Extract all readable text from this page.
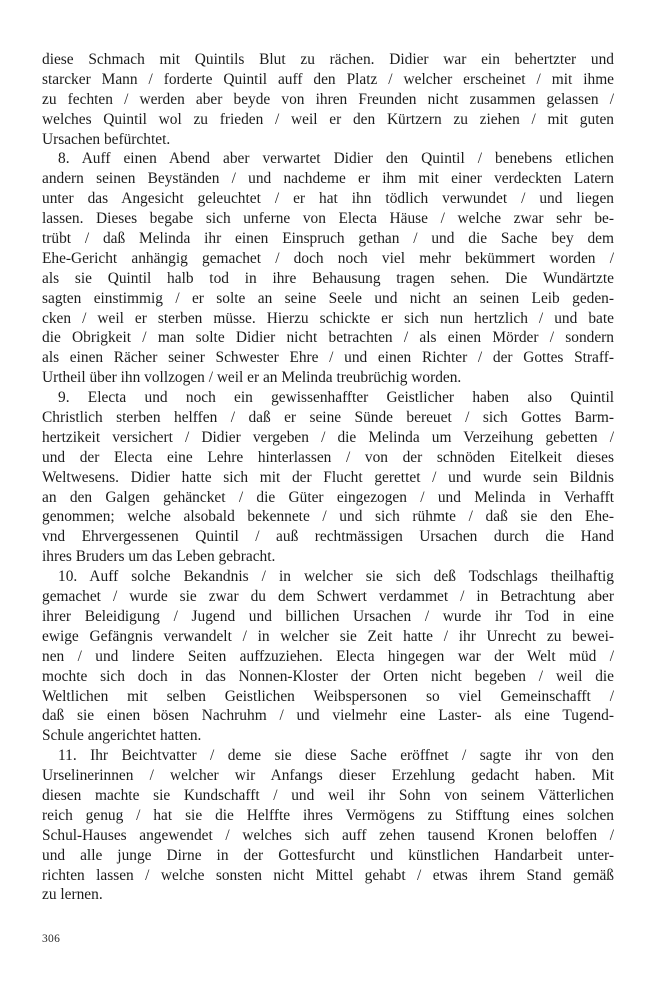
diese Schmach mit Quintils Blut zu rächen. Didier war ein behertzter und
starcker Mann / forderte Quintil auff den Platz / welcher erscheinet / mit ihme
zu fechten / werden aber beyde von ihren Freunden nicht zusammen gelassen /
welches Quintil wol zu frieden / weil er den Kürtzern zu ziehen / mit guten
Ursachen befürchtet.
8. Auff einen Abend aber verwartet Didier den Quintil / benebens etlichen
andern seinen Beyständen / und nachdeme er ihm mit einer verdeckten Latern
unter das Angesicht geleuchtet / er hat ihn tödlich verwundet / und liegen
lassen. Dieses begabe sich unferne von Electa Häuse / welche zwar sehr be-
trübt / daß Melinda ihr einen Einspruch gethan / und die Sache bey dem
Ehe-Gericht anhängig gemachet / doch noch viel mehr bekümmert worden /
als sie Quintil halb tod in ihre Behausung tragen sehen. Die Wundärtzte
sagten einstimmig / er solte an seine Seele und nicht an seinen Leib geden-
cken / weil er sterben müsse. Hierzu schickte er sich nun hertzlich / und bate
die Obrigkeit / man solte Didier nicht betrachten / als einen Mörder / sondern
als einen Rächer seiner Schwester Ehre / und einen Richter / der Gottes Straff-
Urtheil über ihn vollzogen / weil er an Melinda treubrüchig worden.
9. Electa und noch ein gewissenhaffter Geistlicher haben also Quintil
Christlich sterben helffen / daß er seine Sünde bereuet / sich Gottes Barm-
hertzikeit versichert / Didier vergeben / die Melinda um Verzeihung gebetten /
und der Electa eine Lehre hinterlassen / von der schnöden Eitelkeit dieses
Weltwesens. Didier hatte sich mit der Flucht gerettet / und wurde sein Bildnis
an den Galgen gehäncket / die Güter eingezogen / und Melinda in Verhafft
genommen; welche alsobald bekennete / und sich rühmte / daß sie den Ehe-
vnd Ehrvergessenen Quintil / auß rechtmässigen Ursachen durch die Hand
ihres Bruders um das Leben gebracht.
10. Auff solche Bekandnis / in welcher sie sich deß Todschlags theilhaftig
gemachet / wurde sie zwar du dem Schwert verdammet / in Betrachtung aber
ihrer Beleidigung / Jugend und billichen Ursachen / wurde ihr Tod in eine
ewige Gefängnis verwandelt / in welcher sie Zeit hatte / ihr Unrecht zu bewei-
nen / und lindere Seiten auffzuziehen. Electa hingegen war der Welt müd /
mochte sich doch in das Nonnen-Kloster der Orten nicht begeben / weil die
Weltlichen mit selben Geistlichen Weibspersonen so viel Gemeinschafft /
daß sie einen bösen Nachruhm / und vielmehr eine Laster- als eine Tugend-
Schule angerichtet hatten.
11. Ihr Beichtvatter / deme sie diese Sache eröffnet / sagte ihr von den
Urselinerinnen / welcher wir Anfangs dieser Erzehlung gedacht haben. Mit
diesen machte sie Kundschafft / und weil ihr Sohn von seinem Vätterlichen
reich genug / hat sie die Helffte ihres Vermögens zu Stifftung eines solchen
Schul-Hauses angewendet / welches sich auff zehen tausend Kronen beloffen /
und alle junge Dirne in der Gottesfurcht und künstlichen Handarbeit unter-
richten lassen / welche sonsten nicht Mittel gehabt / etwas ihrem Stand gemäß
zu lernen.
306
